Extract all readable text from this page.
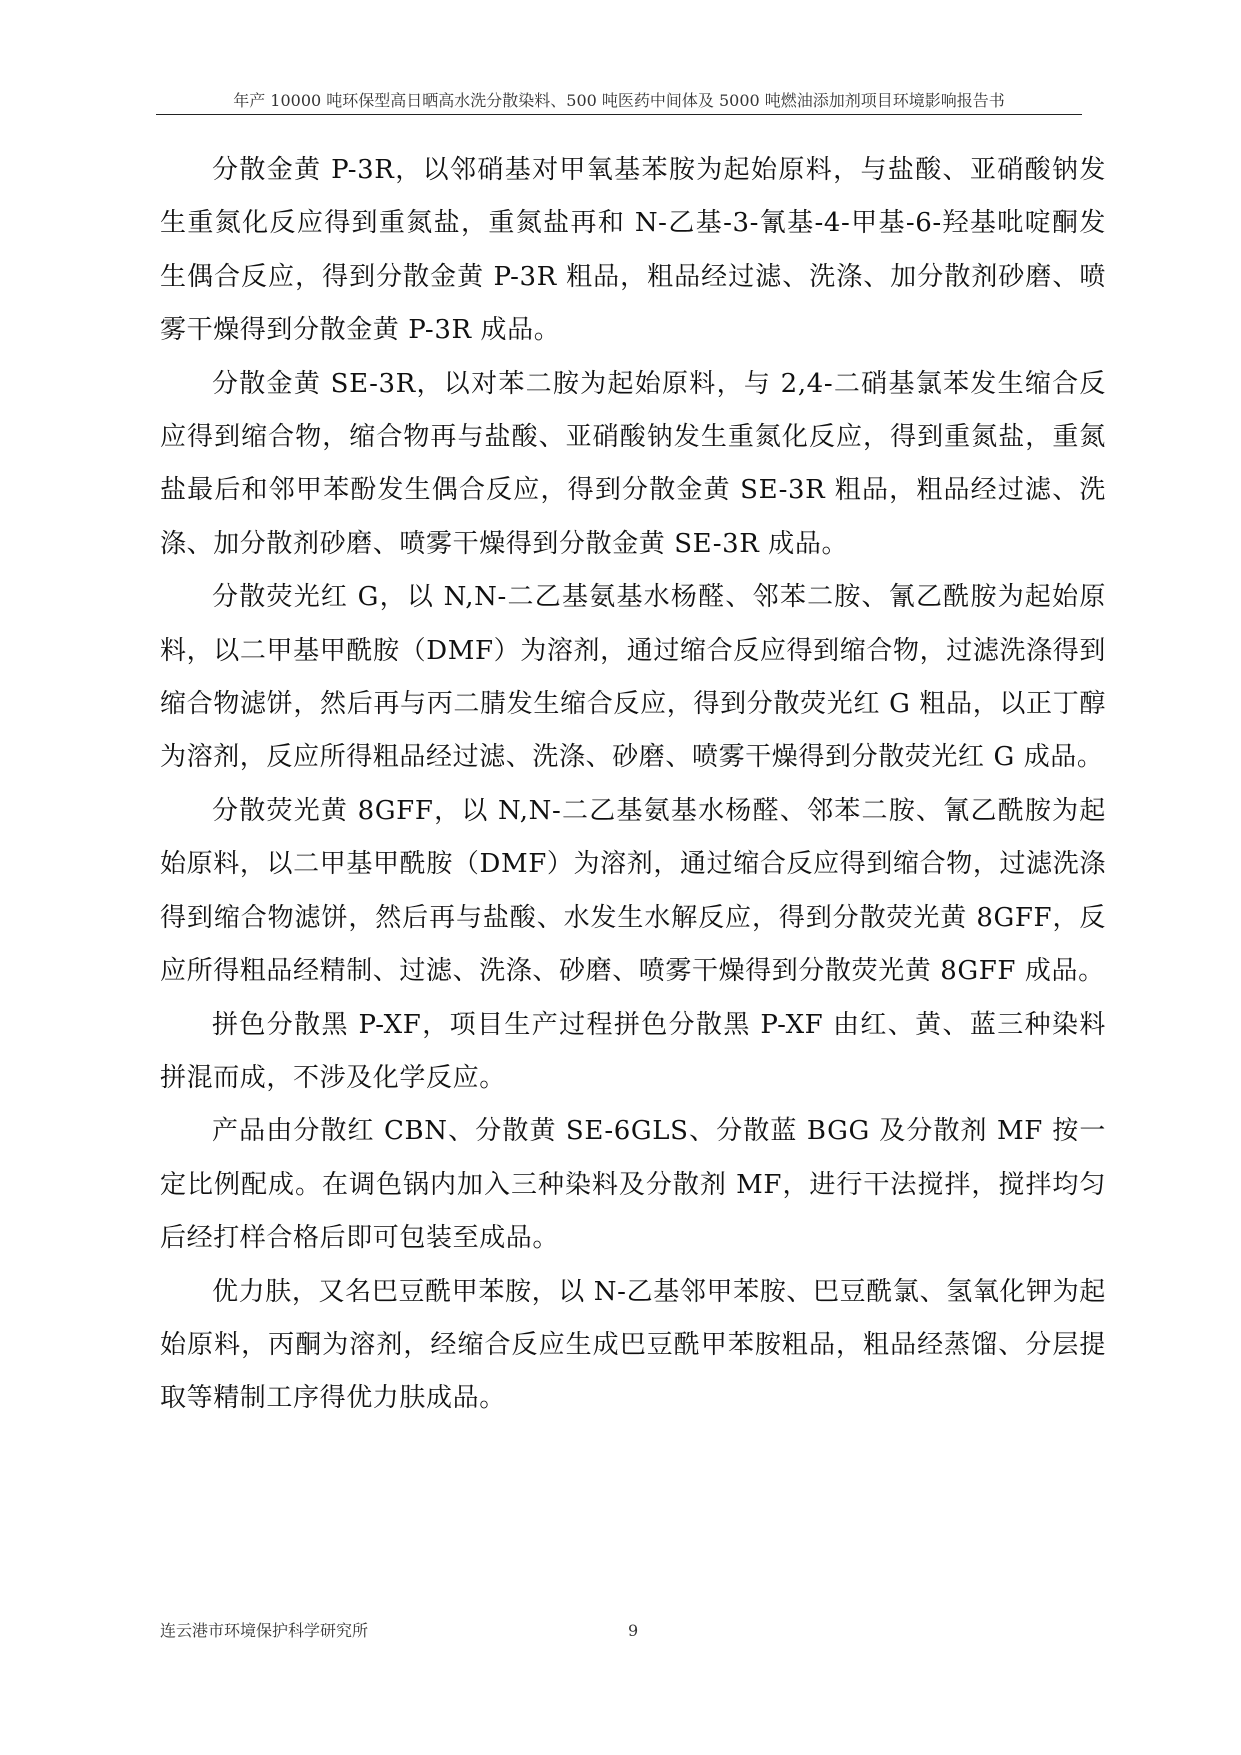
年产 10000 吨环保型高日晒高水洗分散染料、500 吨医药中间体及 5000 吨燃油添加剂项目环境影响报告书

分散金黄 P-3R，以邻硝基对甲氧基苯胺为起始原料，与盐酸、亚硝酸钠发生重氮化反应得到重氮盐，重氮盐再和 N-乙基-3-氰基-4-甲基-6-羟基吡啶酮发生偶合反应，得到分散金黄 P-3R 粗品，粗品经过滤、洗涤、加分散剂砂磨、喷雾干燥得到分散金黄 P-3R 成品。

分散金黄 SE-3R，以对苯二胺为起始原料，与 2,4-二硝基氯苯发生缩合反应得到缩合物，缩合物再与盐酸、亚硝酸钠发生重氮化反应，得到重氮盐，重氮盐最后和邻甲苯酚发生偶合反应，得到分散金黄 SE-3R 粗品，粗品经过滤、洗涤、加分散剂砂磨、喷雾干燥得到分散金黄 SE-3R 成品。

分散荧光红 G，以 N,N-二乙基氨基水杨醛、邻苯二胺、氰乙酰胺为起始原料，以二甲基甲酰胺（DMF）为溶剂，通过缩合反应得到缩合物，过滤洗涤得到缩合物滤饼，然后再与丙二腈发生缩合反应，得到分散荧光红 G 粗品，以正丁醇为溶剂，反应所得粗品经过滤、洗涤、砂磨、喷雾干燥得到分散荧光红 G 成品。

分散荧光黄 8GFF，以 N,N-二乙基氨基水杨醛、邻苯二胺、氰乙酰胺为起始原料，以二甲基甲酰胺（DMF）为溶剂，通过缩合反应得到缩合物，过滤洗涤得到缩合物滤饼，然后再与盐酸、水发生水解反应，得到分散荧光黄 8GFF，反应所得粗品经精制、过滤、洗涤、砂磨、喷雾干燥得到分散荧光黄 8GFF 成品。

拼色分散黑 P-XF，项目生产过程拼色分散黑 P-XF 由红、黄、蓝三种染料拼混而成，不涉及化学反应。

产品由分散红 CBN、分散黄 SE-6GLS、分散蓝 BGG 及分散剂 MF 按一定比例配成。在调色锅内加入三种染料及分散剂 MF，进行干法搅拌，搅拌均匀后经打样合格后即可包装至成品。

优力肤，又名巴豆酰甲苯胺，以 N-乙基邻甲苯胺、巴豆酰氯、氢氧化钾为起始原料，丙酮为溶剂，经缩合反应生成巴豆酰甲苯胺粗品，粗品经蒸馏、分层提取等精制工序得优力肤成品。

连云港市环境保护科学研究所	9
